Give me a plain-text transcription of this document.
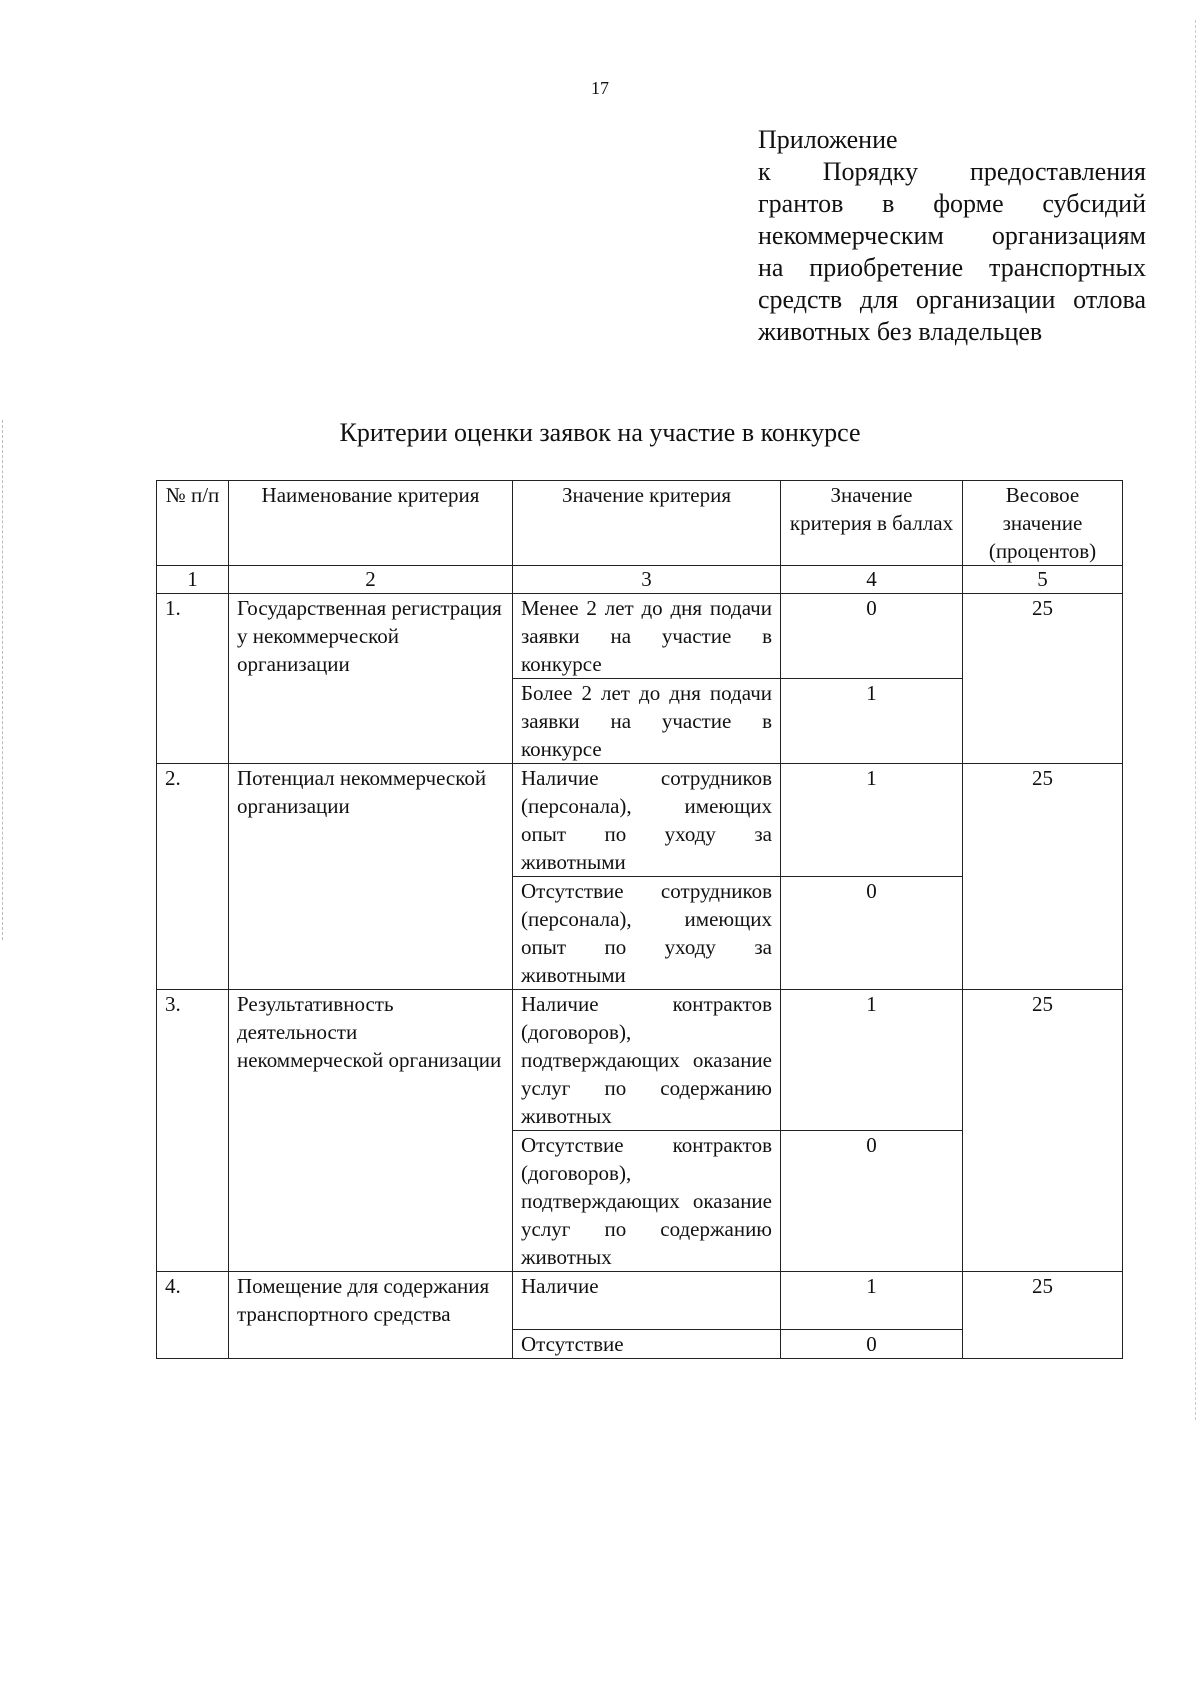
17
Приложение
к Порядку предоставления
грантов в форме субсидий
некоммерческим организациям
на приобретение транспортных
средств для организации отлова
животных без владельцев
Критерии оценки заявок на участие в конкурсе
№ п/п	Наименование критерия	Значение критерия	Значение критерия в баллах	Весовое значение (процентов)
1	2	3	4	5
1.	Государственная регистрация у некоммерческой организации	Менее 2 лет до дня подачи заявки на участие в конкурсе	0	25
		Более 2 лет до дня подачи заявки на участие в конкурсе	1	
2.	Потенциал некоммерческой организации	Наличие сотрудников (персонала), имеющих опыт по уходу за животными	1	25
		Отсутствие сотрудников (персонала), имеющих опыт по уходу за животными	0	
3.	Результативность деятельности некоммерческой организации	Наличие контрактов (договоров), подтверждающих оказание услуг по содержанию животных	1	25
		Отсутствие контрактов (договоров), подтверждающих оказание услуг по содержанию животных	0	
4.	Помещение для содержания транспортного средства	Наличие	1	25
		Отсутствие	0	
